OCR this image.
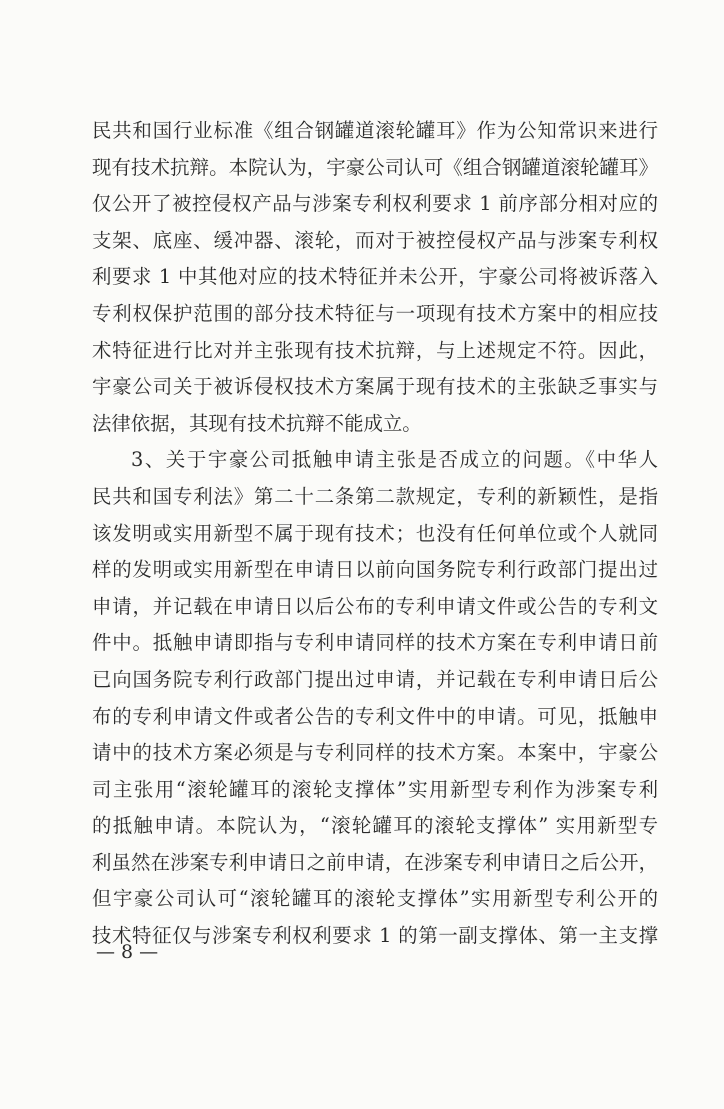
民共和国行业标准《组合钢罐道滚轮罐耳》作为公知常识来进行
现有技术抗辩。本院认为，宇豪公司认可《组合钢罐道滚轮罐耳》
仅公开了被控侵权产品与涉案专利权利要求 1 前序部分相对应的
支架、底座、缓冲器、滚轮，而对于被控侵权产品与涉案专利权
利要求 1 中其他对应的技术特征并未公开，宇豪公司将被诉落入
专利权保护范围的部分技术特征与一项现有技术方案中的相应技
术特征进行比对并主张现有技术抗辩，与上述规定不符。因此，
宇豪公司关于被诉侵权技术方案属于现有技术的主张缺乏事实与
法律依据，其现有技术抗辩不能成立。
3、关于宇豪公司抵触申请主张是否成立的问题。《中华人
民共和国专利法》第二十二条第二款规定，专利的新颖性，是指
该发明或实用新型不属于现有技术；也没有任何单位或个人就同
样的发明或实用新型在申请日以前向国务院专利行政部门提出过
申请，并记载在申请日以后公布的专利申请文件或公告的专利文
件中。抵触申请即指与专利申请同样的技术方案在专利申请日前
已向国务院专利行政部门提出过申请，并记载在专利申请日后公
布的专利申请文件或者公告的专利文件中的申请。可见，抵触申
请中的技术方案必须是与专利同样的技术方案。本案中，宇豪公
司主张用“滚轮罐耳的滚轮支撑体”实用新型专利作为涉案专利
的抵触申请。本院认为，“滚轮罐耳的滚轮支撑体” 实用新型专
利虽然在涉案专利申请日之前申请，在涉案专利申请日之后公开，
但宇豪公司认可“滚轮罐耳的滚轮支撑体”实用新型专利公开的
技术特征仅与涉案专利权利要求 1 的第一副支撑体、第一主支撑
— 8 —
